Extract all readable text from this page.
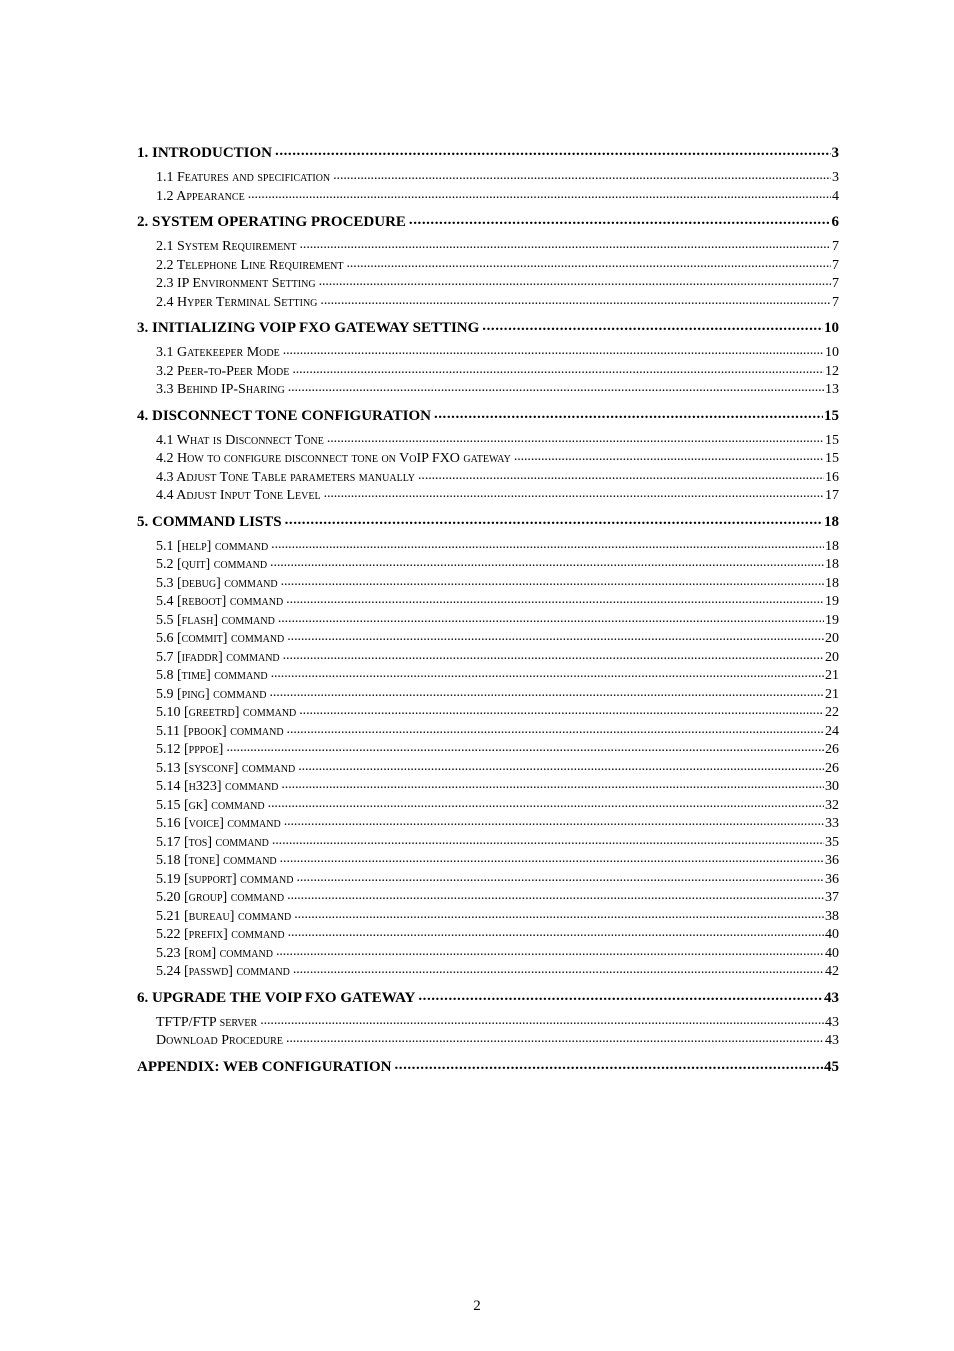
1. INTRODUCTION . . .	3
1.1 Features and specification . . .	3
1.2 Appearance . . .	4
2. SYSTEM OPERATING PROCEDURE . . .	6
2.1 System Requirement . . .	7
2.2 Telephone Line Requirement . . .	7
2.3 IP Environment Setting . . .	7
2.4 Hyper Terminal Setting . . .	7
3. INITIALIZING VOIP FXO GATEWAY SETTING . . .	10
3.1 Gatekeeper Mode . . .	10
3.2 Peer-to-Peer Mode . . .	12
3.3 Behind IP-Sharing . . .	13
4. DISCONNECT TONE CONFIGURATION . . .	15
4.1 What is Disconnect Tone . . .	15
4.2 How to configure disconnect tone on VoIP FXO gateway . . .	15
4.3 Adjust Tone Table parameters manually . . .	16
4.4 Adjust Input Tone Level . . .	17
5. COMMAND LISTS . . .	18
5.1 [help] command . . .	18
5.2 [quit] command . . .	18
5.3 [debug] command . . .	18
5.4 [reboot] command . . .	19
5.5 [flash] command . . .	19
5.6 [commit] command . . .	20
5.7 [ifaddr] command . . .	20
5.8 [time] command . . .	21
5.9 [ping] command . . .	21
5.10 [greetrd] command . . .	22
5.11 [pbook] command . . .	24
5.12 [pppoe] . . .	26
5.13 [sysconf] command . . .	26
5.14 [h323] command . . .	30
5.15 [gk] command . . .	32
5.16 [voice] command . . .	33
5.17 [tos] command . . .	35
5.18 [tone] command . . .	36
5.19 [support] command . . .	36
5.20 [group] command . . .	37
5.21 [bureau] command . . .	38
5.22 [prefix] command . . .	40
5.23 [rom] command . . .	40
5.24 [passwd] command . . .	42
6. UPGRADE THE VOIP FXO GATEWAY . . .	43
TFTP/FTP server . . .	43
Download Procedure . . .	43
APPENDIX: WEB CONFIGURATION . . .	45
2
